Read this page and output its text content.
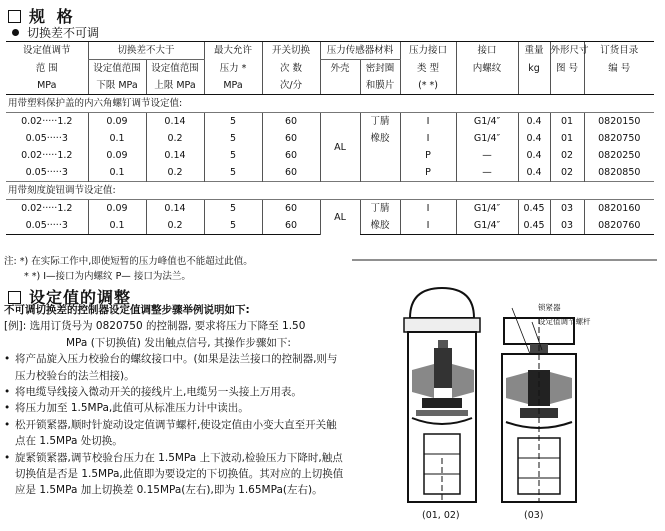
规 格
切换差不可调
设定值调节	切换差不大于		最大允许	开关切换	压力传感器材料		压力接口	接口	重量	外形尺寸	订货目录
范 围	设定值范围	设定值范围	压力 *	次 数	外壳	密封圈	类 型	内螺纹	kg	图 号	编 号
MPa	下限 MPa	上限 MPa	MPa	次/分		和膜片	(* *)				
用带塑料保护盖的内六角螺钉调节设定值:											
0.02·····1.2	0.09	0.14	5	60	AL	丁腈	I	G1/4″	0.4	01	0820150
0.05·····3	0.1	0.2	5	60		橡胶	I	G1/4″	0.4	01	0820750
0.02·····1.2	0.09	0.14	5	60			P	—	0.4	02	0820250
0.05·····3	0.1	0.2	5	60			P	—	0.4	02	0820850
用带刻度旋钮调节设定值:											
0.02·····1.2	0.09	0.14	5	60	AL	丁腈	I	G1/4″	0.45	03	0820160
0.05·····3	0.1	0.2	5	60		橡胶	I	G1/4″	0.45	03	0820760
注: *) 在实际工作中,即使短暂的压力峰值也不能超过此值。
* *) I—接口为内螺纹 P— 接口为法兰。
设定值的调整
不可调切换差的控制器设定值调整步骤举例说明如下:
[例]: 选用订货号为 0820750 的控制器, 要求将压力下降至 1.50
MPa (下切换值) 发出触点信号, 其操作步骤如下:
• 将产品旋入压力校验台的螺纹接口中。(如果是法兰接口的控制器,则与压力校验台的法兰相接)。
• 将电缆导线接入微动开关的接线片上,电缆另一头接上万用表。
• 将压力加至 1.5MPa,此值可从标准压力计中读出。
• 松开锁紧器,顺时针旋动设定值调节螺杆,使设定值由小变大直至开关触点在 1.5MPa 处切换。
• 旋紧锁紧器,调节校验台压力在 1.5MPa 上下波动,检验压力下降时,触点切换值是否是 1.5MPa,此值即为要设定的下切换值。其对应的上切换值应是 1.5MPa 加上切换差 0.15MPa(左右),即为 1.65MPa(左右)。
锁紧器
设定值调节螺杆
(01, 02)	(03)
